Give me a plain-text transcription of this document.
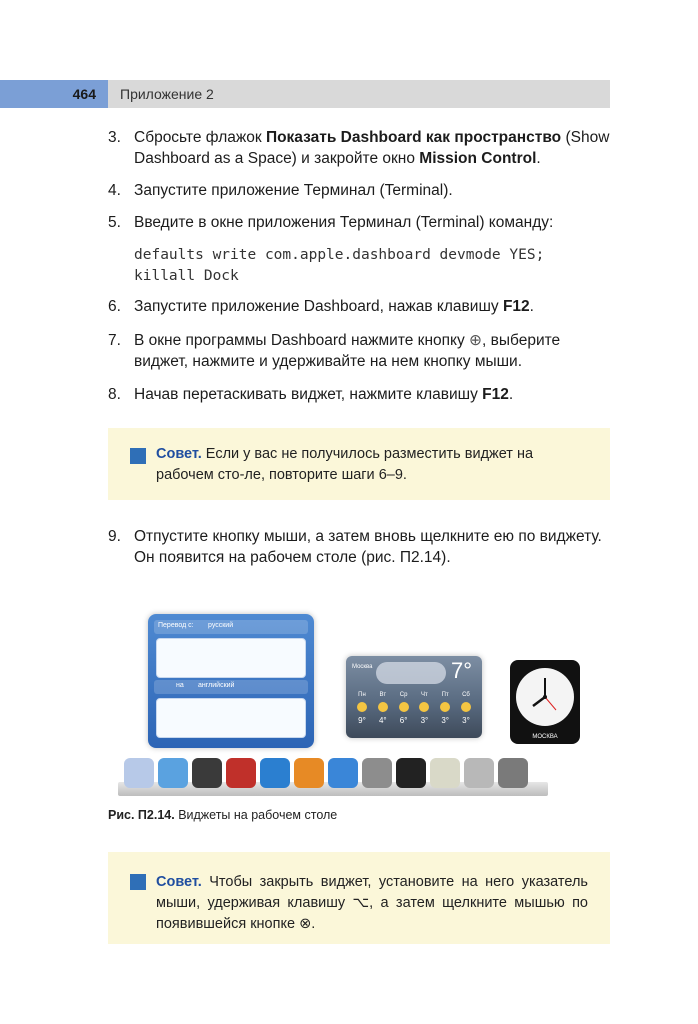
464	Приложение 2
3. Сбросьте флажок Показать Dashboard как пространство (Show Dashboard as a Space) и закройте окно Mission Control.
4. Запустите приложение Терминал (Terminal).
5. Введите в окне приложения Терминал (Terminal) команду:
defaults write com.apple.dashboard devmode YES;
killall Dock
6. Запустите приложение Dashboard, нажав клавишу F12.
7. В окне программы Dashboard нажмите кнопку ⊕, выберите виджет, нажмите и удерживайте на нем кнопку мыши.
8. Начав перетаскивать виджет, нажмите клавишу F12.
Совет. Если у вас не получилось разместить виджет на рабочем сто-ле, повторите шаги 6–9.
9. Отпустите кнопку мыши, а затем вновь щелкните ею по виджету. Он появится на рабочем столе (рис. П2.14).
Перевод с: русский
на английский
Москва	7°
Пн
9°
Вт
4°
Ср
6°
Чт
3°
Пт
3°
Сб
3°
МОСКВА
Рис. П2.14. Виджеты на рабочем столе
Совет. Чтобы закрыть виджет, установите на него указатель мыши, удерживая клавишу ⌥, а затем щелкните мышью по появившейся кнопке ⊗.
